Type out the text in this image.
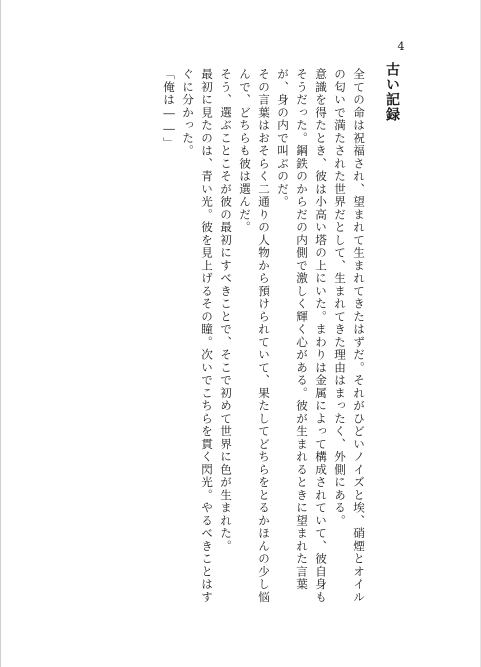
4
古い記録

全ての命は祝福され、望まれて生まれてきたはずだ。それがひどいノイズと埃、硝煙とオイル

の匂いで満たされた世界だとして、生まれてきた理由はまったく、外側にある。

意識を得たとき、彼は小高い塔の上にいた。まわりは金属によって構成されていて、彼自身も

そうだった。鋼鉄のからだの内側で激しく輝く心がある。彼が生まれるときに望まれた言葉

が、身の内で叫ぶのだ。

その言葉はおそらく二通りの人物から預けられていて、果たしてどちらをとるかほんの少し悩

んで、どちらも彼は選んだ。

そう、選ぶことこそが彼の最初にすべきことで、そこで初めて世界に色が生まれた。

最初に見たのは、青い光。彼を見上げるその瞳。次いでこちらを貫く閃光。やるべきことはす

ぐに分かった。

「俺は――」
